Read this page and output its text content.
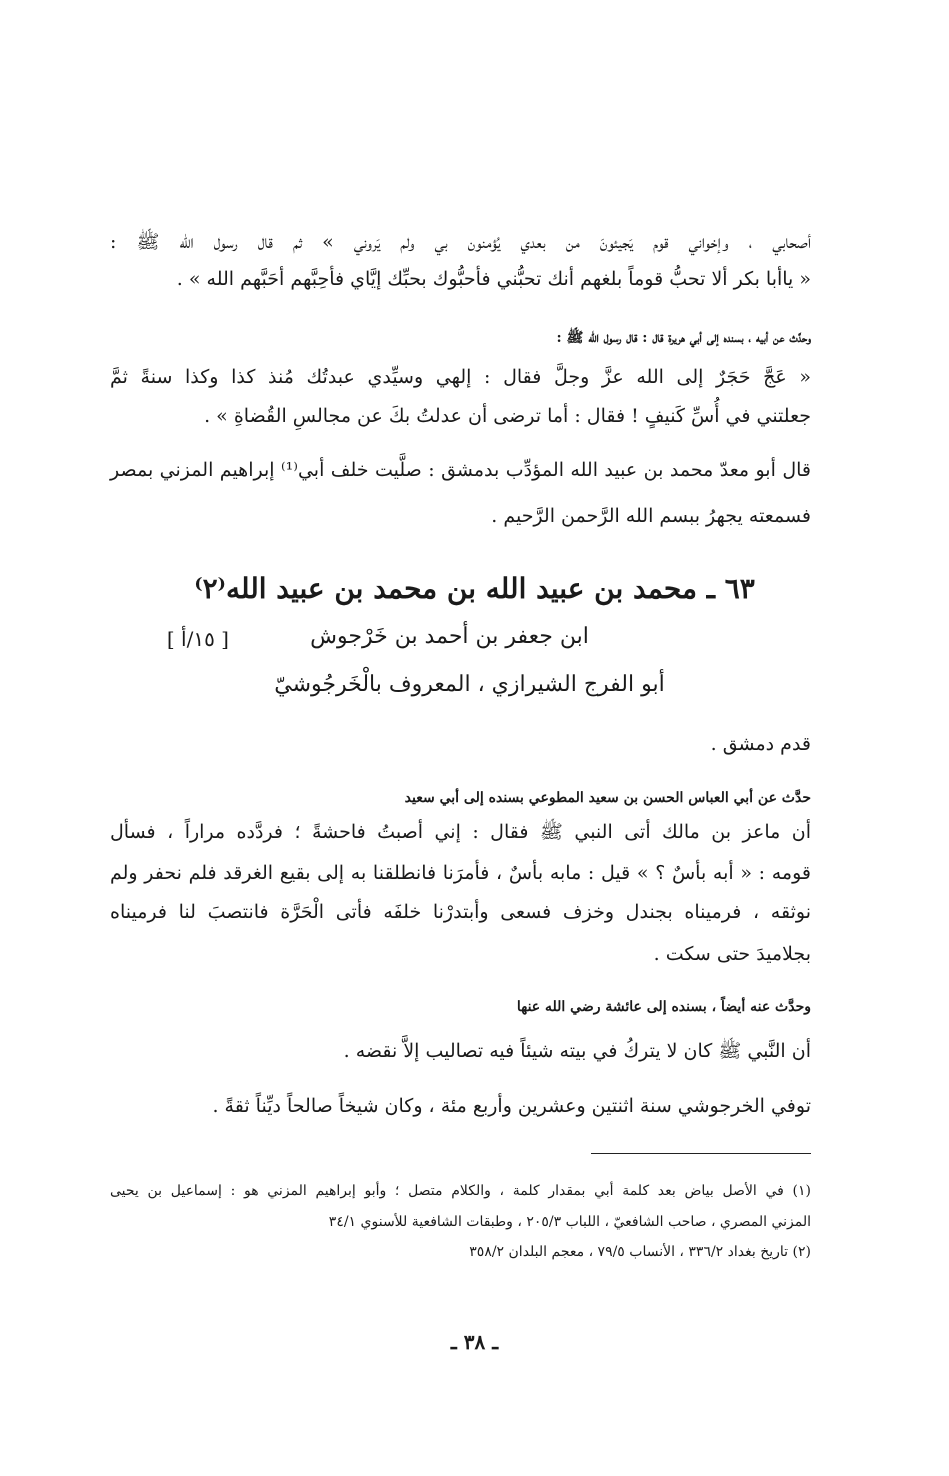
أصحابي ، وإخواني قوم يَجيئونَ من بعدي يُؤمنون بي ولم يَروني » ثم قال رسول الله ﷺ :
« ياأبا بكر ألا تحبُّ قوماً بلغهم أنك تحبُّني فأحبُّوك بحبِّك إيَّاي فأحِبَّهم أحَبَّهم الله » .
وحدَّث عن أبيه ، بسنده إلى أبي هريرة قال : قال رسول الله ﷺ :
« عَجَّ حَجَرٌ إلى الله عزَّ وجلَّ فقال : إلهي وسيِّدي عبدتُك مُنذ كذا وكذا سنةً ثمَّ
جعلتني في أُسِّ كَنيفٍ ! فقال : أما ترضى أن عدلتُ بكَ عن مجالسِ القُضاةِ » .
قال أبو معدّ محمد بن عبيد الله المؤدِّب بدمشق : صلَّيت خلف أبي⁽¹⁾ إبراهيم المزني بمصر
فسمعته يجهرُ ببسم الله الرَّحمن الرَّحيم .
٦٣ ـ محمد بن عبيد الله بن محمد بن عبيد الله⁽٢⁾
[ ١٥/أ ]	ابن جعفر بن أحمد بن خَرْجوش
أبو الفرج الشيرازي ، المعروف بالْخَرجُوشيّ
قدم دمشق .
حدَّث عن أبي العباس الحسن بن سعيد المطوعي بسنده إلى أبي سعيد
أن ماعز بن مالك أتى النبي ﷺ فقال : إني أصبتُ فاحشةً ؛ فردَّده مراراً ، فسأل
قومه : « أبه بأسٌ ؟ » قيل : مابه بأسٌ ، فأمرَنا فانطلقنا به إلى بقيع الغرقد فلم نحفر ولم
نوثقه ، فرميناه بجندل وخزف فسعى وأبتدرْنا خلفَه فأتى الْحَرَّة فانتصبَ لنا فرميناه
بجلاميدَ حتى سكت .
وحدَّث عنه أيضاً ، بسنده إلى عائشة رضي الله عنها
أن النَّبي ﷺ كان لا يتركُ في بيته شيئاً فيه تصاليب إلاَّ نقضه .
توفي الخرجوشي سنة اثنتين وعشرين وأربع مئة ، وكان شيخاً صالحاً ديِّناً ثقةً .
(١) في الأصل بياض بعد كلمة أبي بمقدار كلمة ، والكلام متصل ؛ وأبو إبراهيم المزني هو : إسماعيل بن يحيى
المزني المصري ، صاحب الشافعيّ ، اللباب ٢٠٥/٣ ، وطبقات الشافعية للأسنوي ٣٤/١
(٢) تاريخ بغداد ٣٣٦/٢ ، الأنساب ٧٩/٥ ، معجم البلدان ٣٥٨/٢
ـ ٣٨ ـ
